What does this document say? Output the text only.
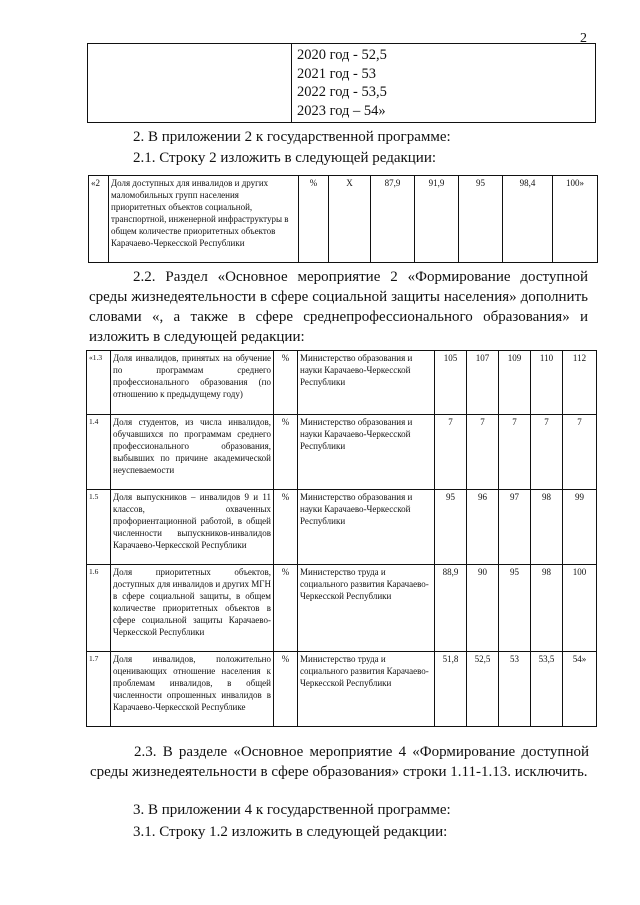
2

2020 год - 52,5
2021 год - 53
2022 год - 53,5
2023 год – 54»
2. В приложении 2 к государственной программе:
2.1. Строку 2 изложить в следующей редакции:
«2	Доля доступных для инвалидов и других маломобильных групп населения приоритетных объектов социальной, транспортной, инженерной инфраструктуры в общем количестве приоритетных объектов Карачаево-Черкесской Республики	%	Х	87,9	91,9	95	98,4	100»
2.2. Раздел «Основное мероприятие 2 «Формирование доступной среды жизнедеятельности в сфере социальной защиты населения» дополнить словами «, а также в сфере среднепрофессионального образования» и изложить в следующей редакции:
«1.3	Доля инвалидов, принятых на обучение по программам среднего профессионального образования (по отношению к предыдущему году)	%	Министерство образования и науки Карачаево-Черкесской Республики	105	107	109	110	112
1.4	Доля студентов, из числа инвалидов, обучавшихся по программам среднего профессионального образования, выбывших по причине академической неуспеваемости	%	Министерство образования и науки Карачаево-Черкесской Республики	7	7	7	7	7
1.5	Доля выпускников – инвалидов 9 и 11 классов, охваченных профориентационной работой, в общей численности выпускников-инвалидов Карачаево-Черкесской Республики	%	Министерство образования и науки Карачаево-Черкесской Республики	95	96	97	98	99
1.6	Доля приоритетных объектов, доступных для инвалидов и других МГН в сфере социальной защиты, в общем количестве приоритетных объектов в сфере социальной защиты Карачаево-Черкесской Республики	%	Министерство труда и социального развития Карачаево-Черкесской Республики	88,9	90	95	98	100
1.7	Доля инвалидов, положительно оценивающих отношение населения к проблемам инвалидов, в общей численности опрошенных инвалидов в Карачаево-Черкесской Республике	%	Министерство труда и социального развития Карачаево-Черкесской Республики	51,8	52,5	53	53,5	54»
2.3. В разделе «Основное мероприятие 4 «Формирование доступной среды жизнедеятельности в сфере образования» строки 1.11-1.13. исключить.
3. В приложении 4 к государственной программе:
3.1. Строку 1.2 изложить в следующей редакции:
